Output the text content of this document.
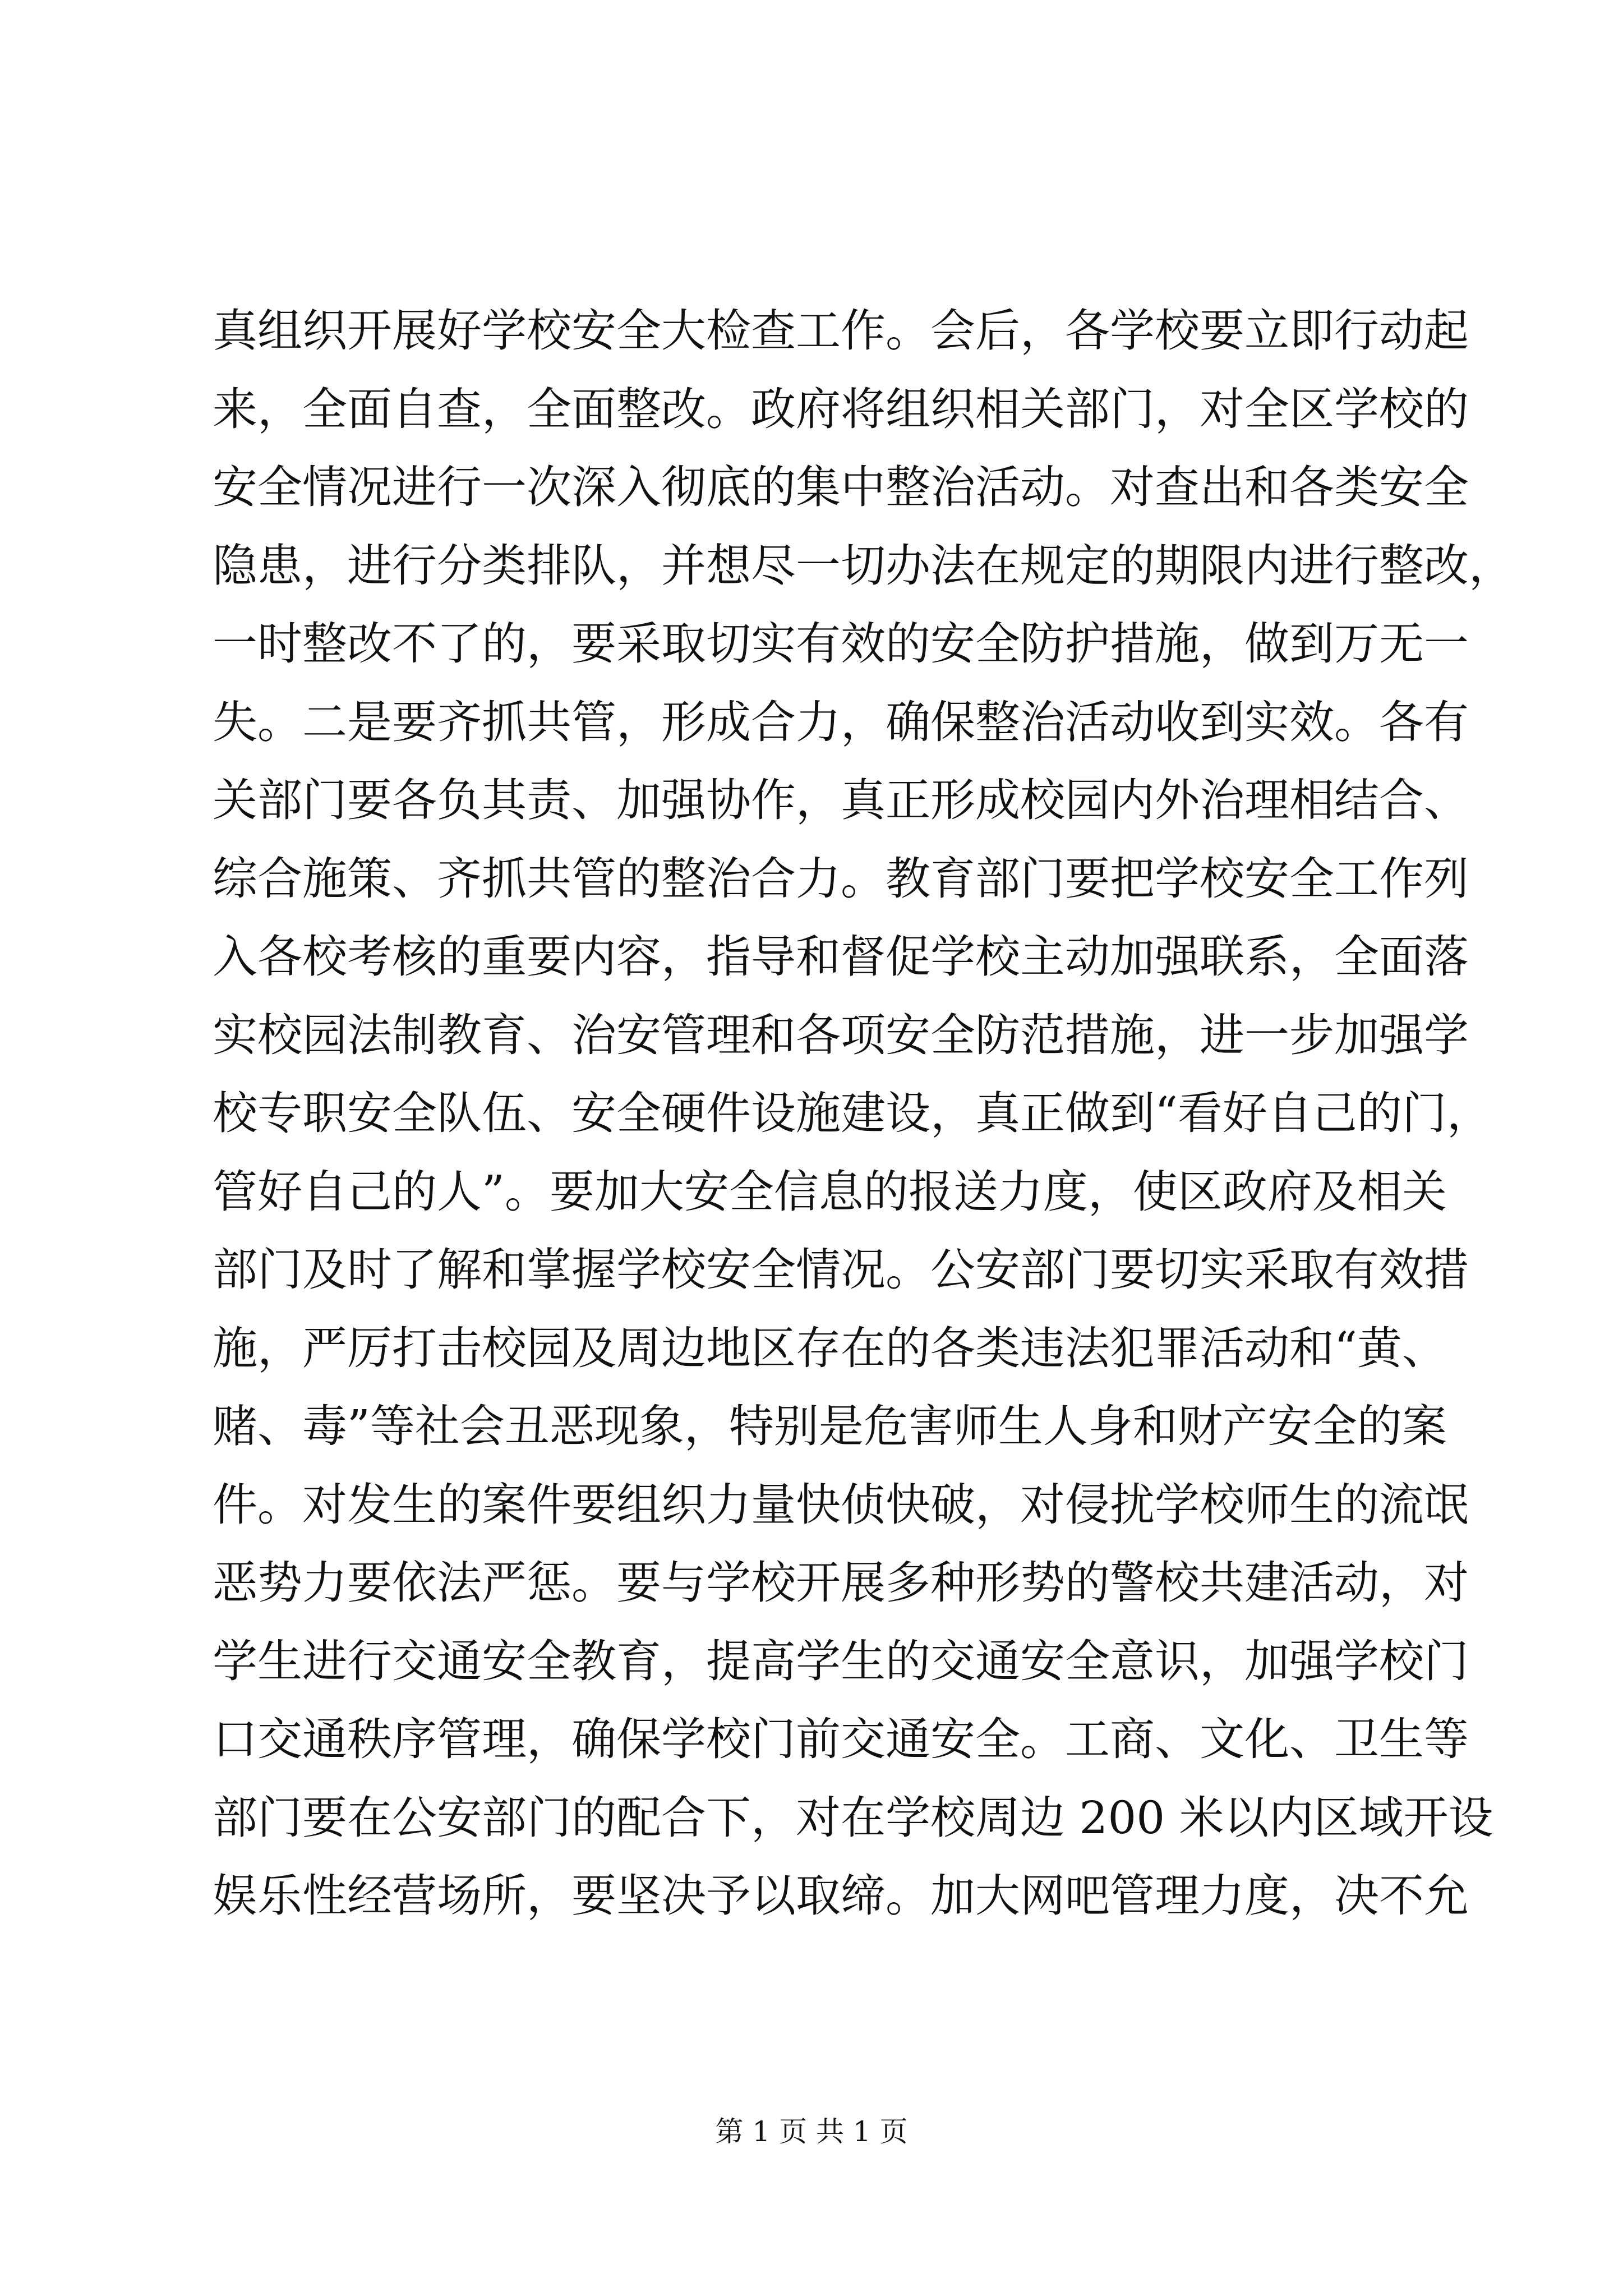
真组织开展好学校安全大检查工作。会后，各学校要立即行动起
来，全面自查，全面整改。政府将组织相关部门，对全区学校的
安全情况进行一次深入彻底的集中整治活动。对查出和各类安全
隐患，进行分类排队，并想尽一切办法在规定的期限内进行整改，
一时整改不了的，要采取切实有效的安全防护措施，做到万无一
失。二是要齐抓共管，形成合力，确保整治活动收到实效。各有
关部门要各负其责、加强协作，真正形成校园内外治理相结合、
综合施策、齐抓共管的整治合力。教育部门要把学校安全工作列
入各校考核的重要内容，指导和督促学校主动加强联系，全面落
实校园法制教育、治安管理和各项安全防范措施，进一步加强学
校专职安全队伍、安全硬件设施建设，真正做到“看好自己的门，
管好自己的人”。要加大安全信息的报送力度，使区政府及相关
部门及时了解和掌握学校安全情况。公安部门要切实采取有效措
施，严厉打击校园及周边地区存在的各类违法犯罪活动和“黄、
赌、毒”等社会丑恶现象，特别是危害师生人身和财产安全的案
件。对发生的案件要组织力量快侦快破，对侵扰学校师生的流氓
恶势力要依法严惩。要与学校开展多种形势的警校共建活动，对
学生进行交通安全教育，提高学生的交通安全意识，加强学校门
口交通秩序管理，确保学校门前交通安全。工商、文化、卫生等
部门要在公安部门的配合下，对在学校周边 200 米以内区域开设
娱乐性经营场所，要坚决予以取缔。加大网吧管理力度，决不允
第 1 页 共 1 页
